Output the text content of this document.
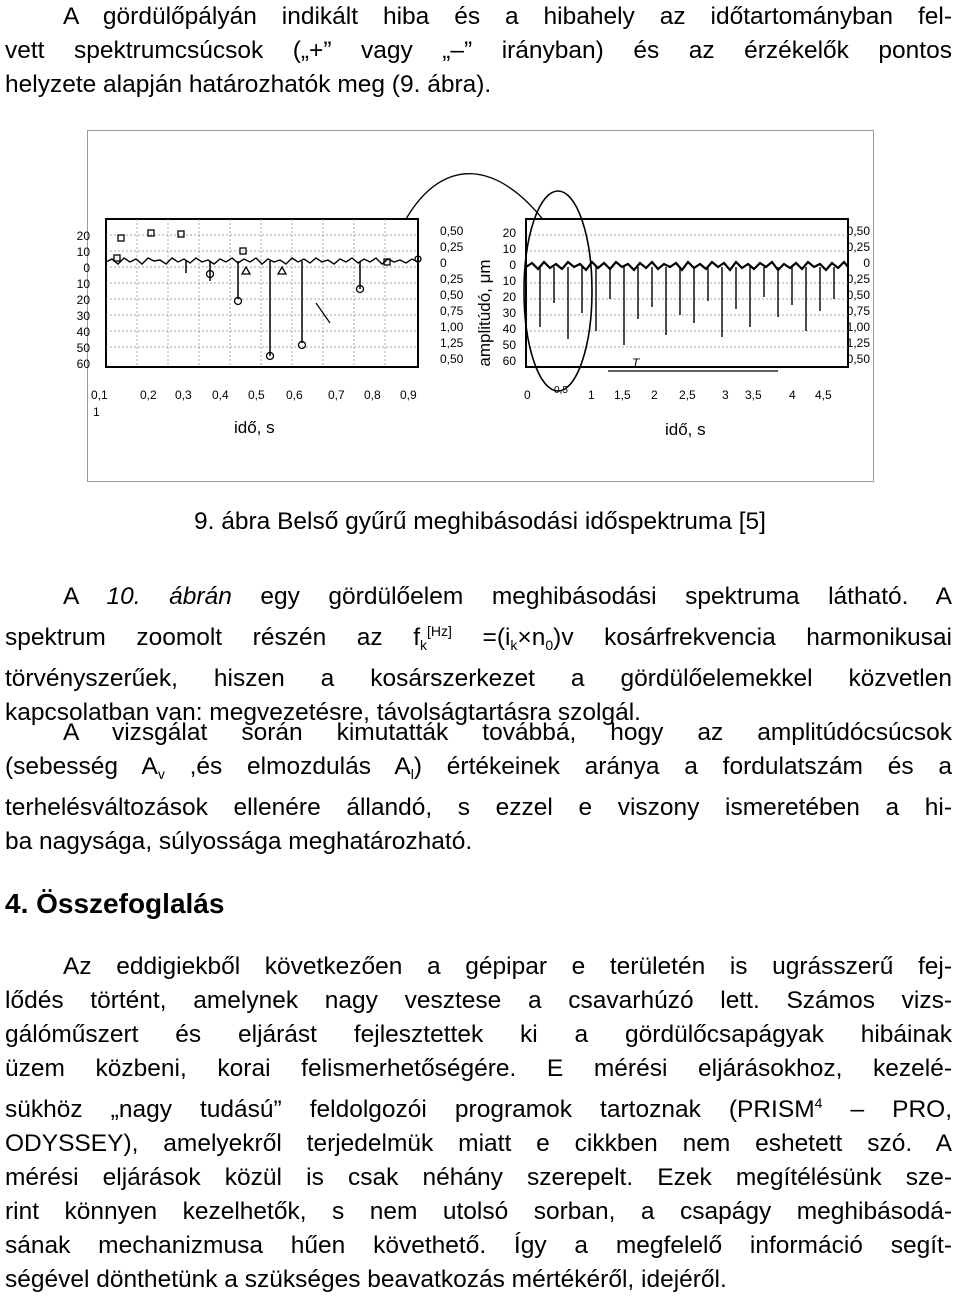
A gördülőpályán indikált hiba és a hibahely az időtartományban fel-
vett spektrumcsúcsok („+” vagy „–” irányban) és az érzékelők pontos
helyzete alapján határozhatók meg (9. ábra).
T
20
10
0
10
20
30
40
50
60
0,50
0,25
0
0,25
0,50
0,75
1,00
1,25
0,50
0,1	0,2 0,3 0,4 0,5 0,6 0,7 0,8 0,9
1
idő, s
amplitúdó, μm
20
10
0
10
20
30
40
50
60
0,50
0,25
0
0,25
0,50
0,75
1,00
1,25
0,50
0 0,5 1 1,5 2 2,5 3 3,5 4 4,5
idő, s
9. ábra Belső gyűrű meghibásodási időspektruma [5]
A 10. ábrán egy gördülőelem meghibásodási spektruma látható. A
spektrum zoomolt részén az $f_k[Hz] =(i_k\times n_0)v$ kosárfrekvencia harmonikusai
törvényszerűek, hiszen a kosárszerkezet a gördülőelemekkel közvetlen
kapcsolatban van: megvezetésre, távolságtartásra szolgál.
A vizsgálat során kimutatták továbbá, hogy az amplitúdócsúcsok
(sebesség $A_v$ ,és elmozdulás $A_l$) értékeinek aránya a fordulatszám és a
terhelésváltozások ellenére állandó, s ezzel e viszony ismeretében a hi-
ba nagysága, súlyossága meghatározható.
4. Összefoglalás
Az eddigiekből következően a gépipar e területén is ugrásszerű fej-
lődés történt, amelynek nagy vesztese a csavarhúzó lett. Számos vizs-
gálóműszert és eljárást fejlesztettek ki a gördülőcsapágyak hibáinak
üzem közbeni, korai felismerhetőségére. E mérési eljárásokhoz, kezelé-
sükhöz „nagy tudású” feldolgozói programok tartoznak (PRISM$^4$ – PRO,
ODYSSEY), amelyekről terjedelmük miatt e cikkben nem eshetett szó. A
mérési eljárások közül is csak néhány szerepelt. Ezek megítélésünk sze-
rint könnyen kezelhetők, s nem utolsó sorban, a csapágy meghibásodá-
sának mechanizmusa hűen követhető. Így a megfelelő információ segít-
ségével dönthetünk a szükséges beavatkozás mértékéről, idejéről.
